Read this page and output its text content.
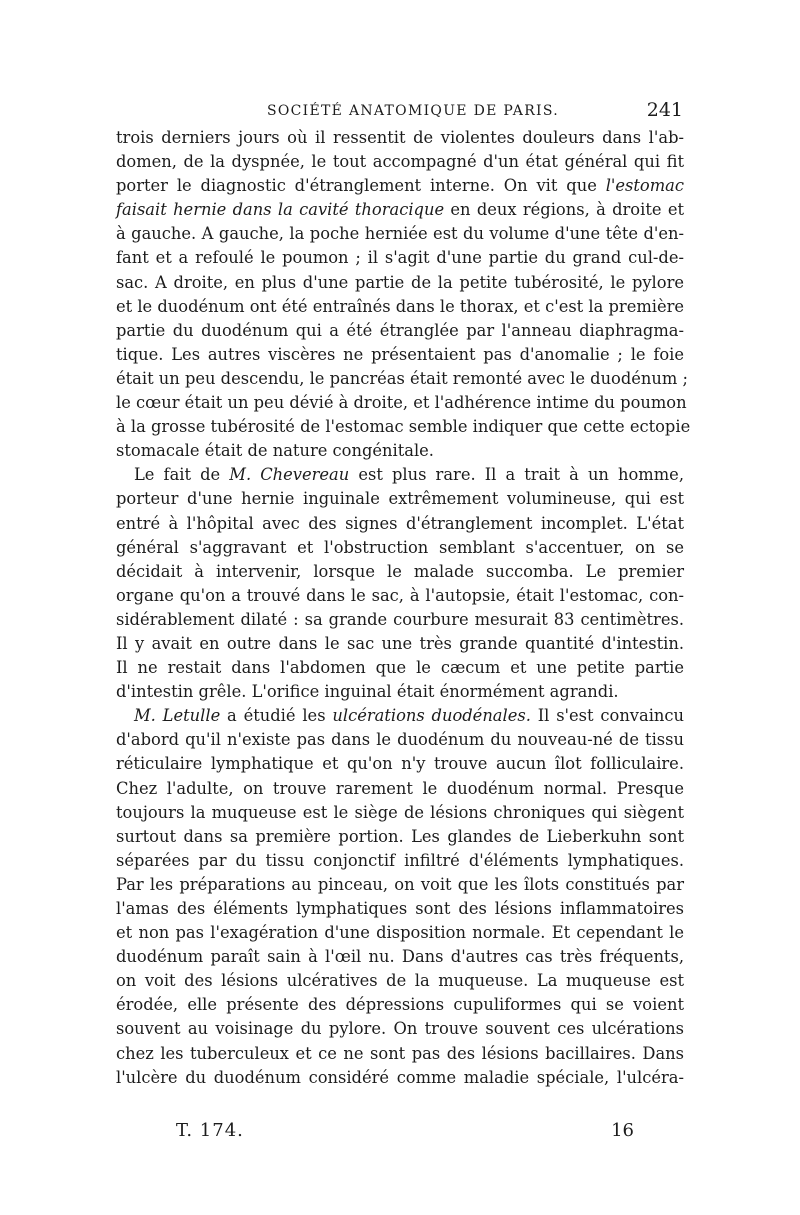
SOCIÉTÉ ANATOMIQUE DE PARIS.	241
trois derniers jours où il ressentit de violentes douleurs dans l'ab-
domen, de la dyspnée, le tout accompagné d'un état général qui fit
porter le diagnostic d'étranglement interne. On vit que l'estomac
faisait hernie dans la cavité thoracique en deux régions, à droite et
à gauche. A gauche, la poche herniée est du volume d'une tête d'en-
fant et a refoulé le poumon ; il s'agit d'une partie du grand cul-de-
sac. A droite, en plus d'une partie de la petite tubérosité, le pylore
et le duodénum ont été entraînés dans le thorax, et c'est la première
partie du duodénum qui a été étranglée par l'anneau diaphragma-
tique. Les autres viscères ne présentaient pas d'anomalie ; le foie
était un peu descendu, le pancréas était remonté avec le duodénum ;
le cœur était un peu dévié à droite, et l'adhérence intime du poumon
à la grosse tubérosité de l'estomac semble indiquer que cette ectopie
stomacale était de nature congénitale.
Le fait de M. Chevereau est plus rare. Il a trait à un homme,
porteur d'une hernie inguinale extrêmement volumineuse, qui est
entré à l'hôpital avec des signes d'étranglement incomplet. L'état
général s'aggravant et l'obstruction semblant s'accentuer, on se
décidait à intervenir, lorsque le malade succomba. Le premier
organe qu'on a trouvé dans le sac, à l'autopsie, était l'estomac, con-
sidérablement dilaté : sa grande courbure mesurait 83 centimètres.
Il y avait en outre dans le sac une très grande quantité d'intestin.
Il ne restait dans l'abdomen que le cæcum et une petite partie
d'intestin grêle. L'orifice inguinal était énormément agrandi.
M. Letulle a étudié les ulcérations duodénales. Il s'est convaincu
d'abord qu'il n'existe pas dans le duodénum du nouveau-né de tissu
réticulaire lymphatique et qu'on n'y trouve aucun îlot folliculaire.
Chez l'adulte, on trouve rarement le duodénum normal. Presque
toujours la muqueuse est le siège de lésions chroniques qui siègent
surtout dans sa première portion. Les glandes de Lieberkuhn sont
séparées par du tissu conjonctif infiltré d'éléments lymphatiques.
Par les préparations au pinceau, on voit que les îlots constitués par
l'amas des éléments lymphatiques sont des lésions inflammatoires
et non pas l'exagération d'une disposition normale. Et cependant le
duodénum paraît sain à l'œil nu. Dans d'autres cas très fréquents,
on voit des lésions ulcératives de la muqueuse. La muqueuse est
érodée, elle présente des dépressions cupuliformes qui se voient
souvent au voisinage du pylore. On trouve souvent ces ulcérations
chez les tuberculeux et ce ne sont pas des lésions bacillaires. Dans
l'ulcère du duodénum considéré comme maladie spéciale, l'ulcéra-
T. 174.	16
